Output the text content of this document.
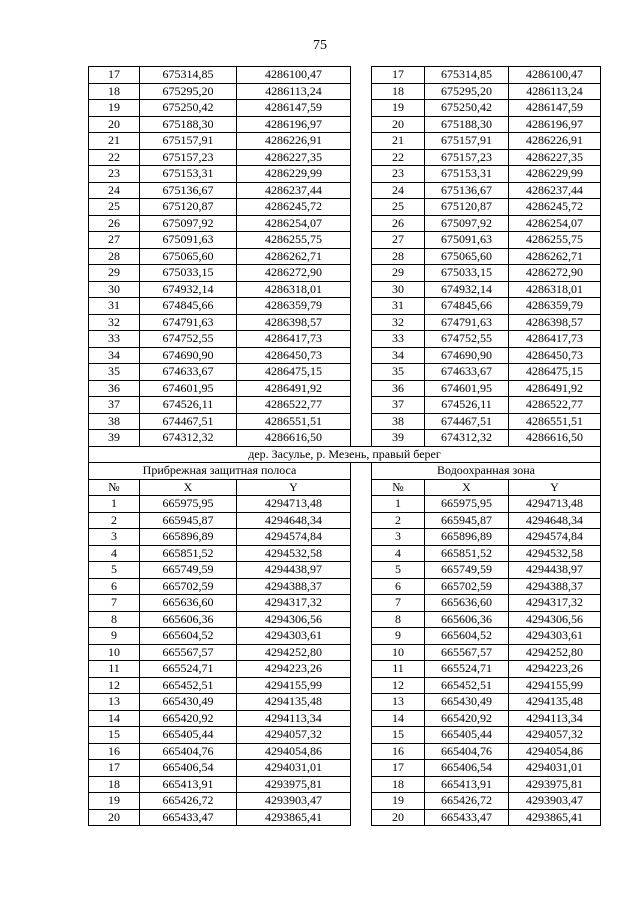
75
17	675314,85	4286100,47		17	675314,85	4286100,47
18	675295,20	4286113,24		18	675295,20	4286113,24
19	675250,42	4286147,59		19	675250,42	4286147,59
20	675188,30	4286196,97		20	675188,30	4286196,97
21	675157,91	4286226,91		21	675157,91	4286226,91
22	675157,23	4286227,35		22	675157,23	4286227,35
23	675153,31	4286229,99		23	675153,31	4286229,99
24	675136,67	4286237,44		24	675136,67	4286237,44
25	675120,87	4286245,72		25	675120,87	4286245,72
26	675097,92	4286254,07		26	675097,92	4286254,07
27	675091,63	4286255,75		27	675091,63	4286255,75
28	675065,60	4286262,71		28	675065,60	4286262,71
29	675033,15	4286272,90		29	675033,15	4286272,90
30	674932,14	4286318,01		30	674932,14	4286318,01
31	674845,66	4286359,79		31	674845,66	4286359,79
32	674791,63	4286398,57		32	674791,63	4286398,57
33	674752,55	4286417,73		33	674752,55	4286417,73
34	674690,90	4286450,73		34	674690,90	4286450,73
35	674633,67	4286475,15		35	674633,67	4286475,15
36	674601,95	4286491,92		36	674601,95	4286491,92
37	674526,11	4286522,77		37	674526,11	4286522,77
38	674467,51	4286551,51		38	674467,51	4286551,51
39	674312,32	4286616,50		39	674312,32	4286616,50
дер. Засулье, р. Мезень, правый берег						
Прибрежная защитная полоса				Водоохранная зона		
№	X	Y		№	X	Y
1	665975,95	4294713,48		1	665975,95	4294713,48
2	665945,87	4294648,34		2	665945,87	4294648,34
3	665896,89	4294574,84		3	665896,89	4294574,84
4	665851,52	4294532,58		4	665851,52	4294532,58
5	665749,59	4294438,97		5	665749,59	4294438,97
6	665702,59	4294388,37		6	665702,59	4294388,37
7	665636,60	4294317,32		7	665636,60	4294317,32
8	665606,36	4294306,56		8	665606,36	4294306,56
9	665604,52	4294303,61		9	665604,52	4294303,61
10	665567,57	4294252,80		10	665567,57	4294252,80
11	665524,71	4294223,26		11	665524,71	4294223,26
12	665452,51	4294155,99		12	665452,51	4294155,99
13	665430,49	4294135,48		13	665430,49	4294135,48
14	665420,92	4294113,34		14	665420,92	4294113,34
15	665405,44	4294057,32		15	665405,44	4294057,32
16	665404,76	4294054,86		16	665404,76	4294054,86
17	665406,54	4294031,01		17	665406,54	4294031,01
18	665413,91	4293975,81		18	665413,91	4293975,81
19	665426,72	4293903,47		19	665426,72	4293903,47
20	665433,47	4293865,41		20	665433,47	4293865,41
